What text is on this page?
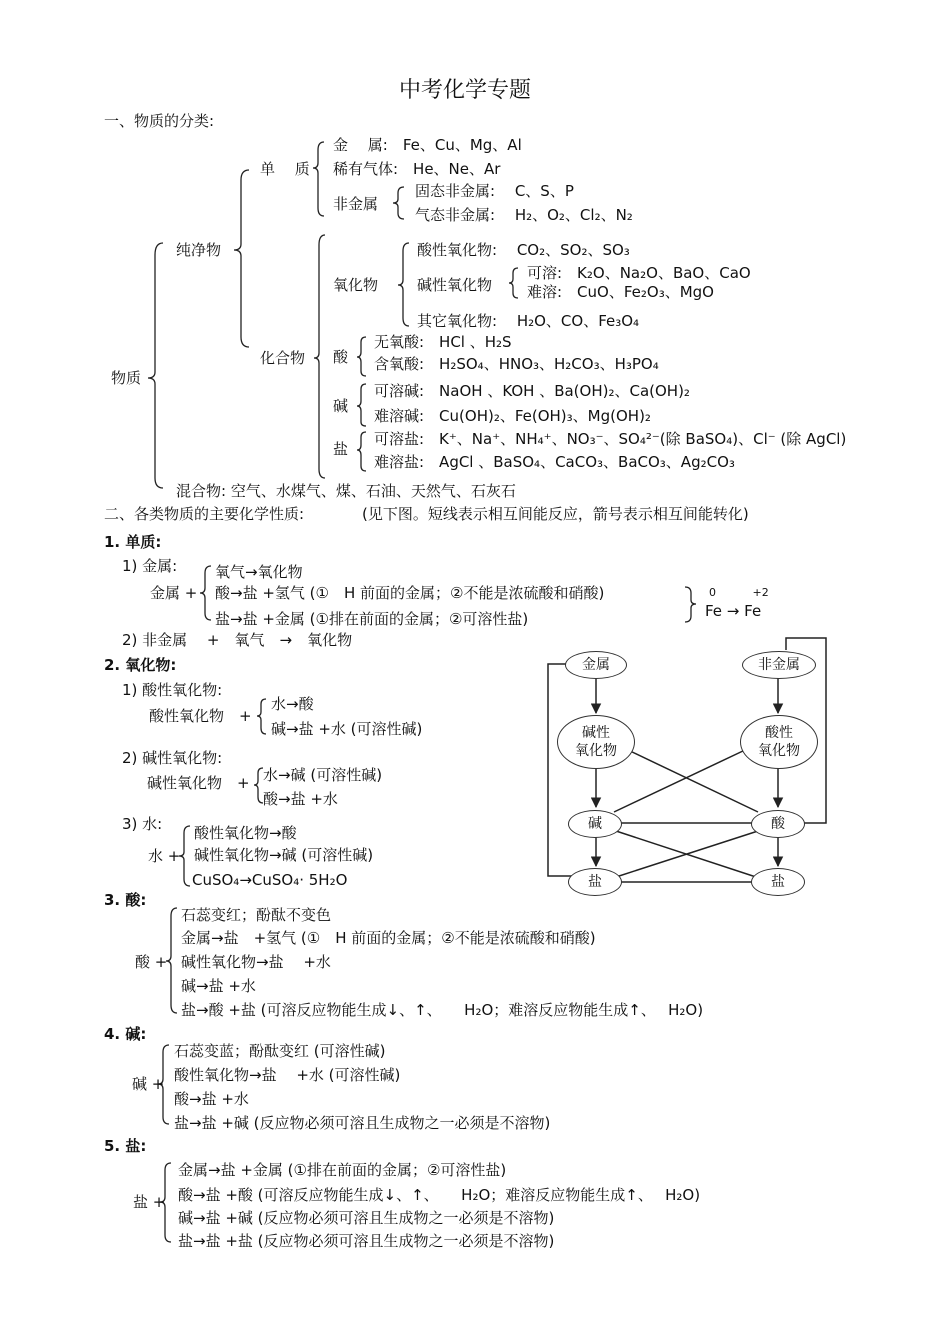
中考化学专题
一、物质的分类:
物质
纯净物
单　 质
金　 属:　Fe、Cu、Mg、Al
稀有气体:　He、Ne、Ar
非金属
固态非金属:　 C、S、P
气态非金属:　 H₂、O₂、Cl₂、N₂
化合物
氧化物
酸性氧化物:　 CO₂、SO₂、SO₃
碱性氧化物
可溶:　K₂O、Na₂O、BaO、CaO
难溶:　CuO、Fe₂O₃、MgO
其它氧化物:　 H₂O、CO、Fe₃O₄
酸
无氧酸:　HCl 、H₂S
含氧酸:　H₂SO₄、HNO₃、H₂CO₃、H₃PO₄
碱
可溶碱:　NaOH 、KOH 、Ba(OH)₂、Ca(OH)₂
难溶碱:　Cu(OH)₂、Fe(OH)₃、Mg(OH)₂
盐
可溶盐:　K⁺、Na⁺、NH₄⁺、NO₃⁻、SO₄²⁻(除 BaSO₄)、Cl⁻ (除 AgCl)
难溶盐:　AgCl 、BaSO₄、CaCO₃、BaCO₃、Ag₂CO₃
混合物: 空气、水煤气、煤、石油、天然气、石灰石
二、各类物质的主要化学性质:	(见下图。短线表示相互间能反应，箭号表示相互间能转化)
1. 单质:
1) 金属:
金属 +
氧气→氧化物
酸→盐 +氢气 (①　H 前面的金属；②不能是浓硫酸和硝酸)
盐→盐 +金属 (①排在前面的金属；②可溶性盐)
0　　　 +2
Fe → Fe
2) 非金属　 +　氧气　→　氧化物
2. 氧化物:
1) 酸性氧化物:
酸性氧化物　+
水→酸
碱→盐 +水 (可溶性碱)
2) 碱性氧化物:
碱性氧化物　+ 水→碱 (可溶性碱)
酸→盐 +水
3) 水:
水 +
酸性氧化物→酸
碱性氧化物→碱 (可溶性碱)
CuSO₄→CuSO₄· 5H₂O
3. 酸:
酸 +
石蕊变红；酚酞不变色
金属→盐　+氢气 (①　H 前面的金属；②不能是浓硫酸和硝酸)
碱性氧化物→盐　 +水
碱→盐 +水
盐→酸 +盐 (可溶反应物能生成↓、↑、　　H₂O；难溶反应物能生成↑、　 H₂O)
4. 碱:
碱 +
石蕊变蓝；酚酞变红 (可溶性碱)
酸性氧化物→盐　 +水 (可溶性碱)
酸→盐 +水
盐→盐 +碱 (反应物必须可溶且生成物之一必须是不溶物)
5. 盐:
盐 +
金属→盐 +金属 (①排在前面的金属；②可溶性盐)
酸→盐 +酸 (可溶反应物能生成↓、↑、　　H₂O；难溶反应物能生成↑、　 H₂O)
碱→盐 +碱 (反应物必须可溶且生成物之一必须是不溶物)
盐→盐 +盐 (反应物必须可溶且生成物之一必须是不溶物)
金属	非金属
碱性
氧化物
酸性
氧化物
碱	酸
盐	盐
